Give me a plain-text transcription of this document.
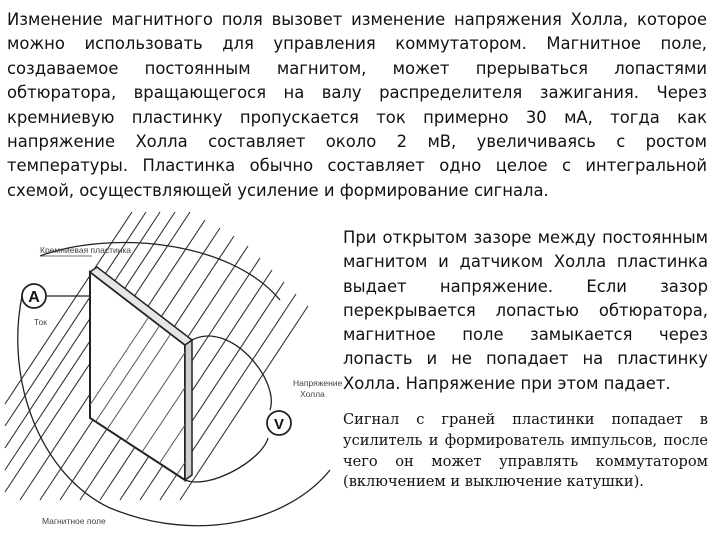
Изменение магнитного поля вызовет изменение напряжения Холла, которое можно использовать для управления коммутатором. Магнитное поле, создаваемое постоянным магнитом, может прерываться лопастями обтюратора, вращающегося на валу распределителя зажигания. Через кремниевую пластинку пропускается ток примерно 30 мА, тогда как напряжение Холла составляет около 2 мВ, увеличиваясь с ростом температуры. Пластинка обычно составляет одно целое с интегральной схемой, осуществляющей усиление и формирование сигнала.

A
V
Кремниевая пластинка
Ток
Напряжение
Холла
Магнитное поле

При открытом зазоре между постоянным магнитом и датчиком Холла пластинка выдает напряжение. Если зазор перекрывается лопастью обтюратора, магнитное поле замыкается через лопасть и не попадает на пластинку Холла. Напряжение при этом падает.

Сигнал с граней пластинки попадает в усилитель и формирователь импульсов, после чего он может управлять коммутатором (включением и выключение катушки).
